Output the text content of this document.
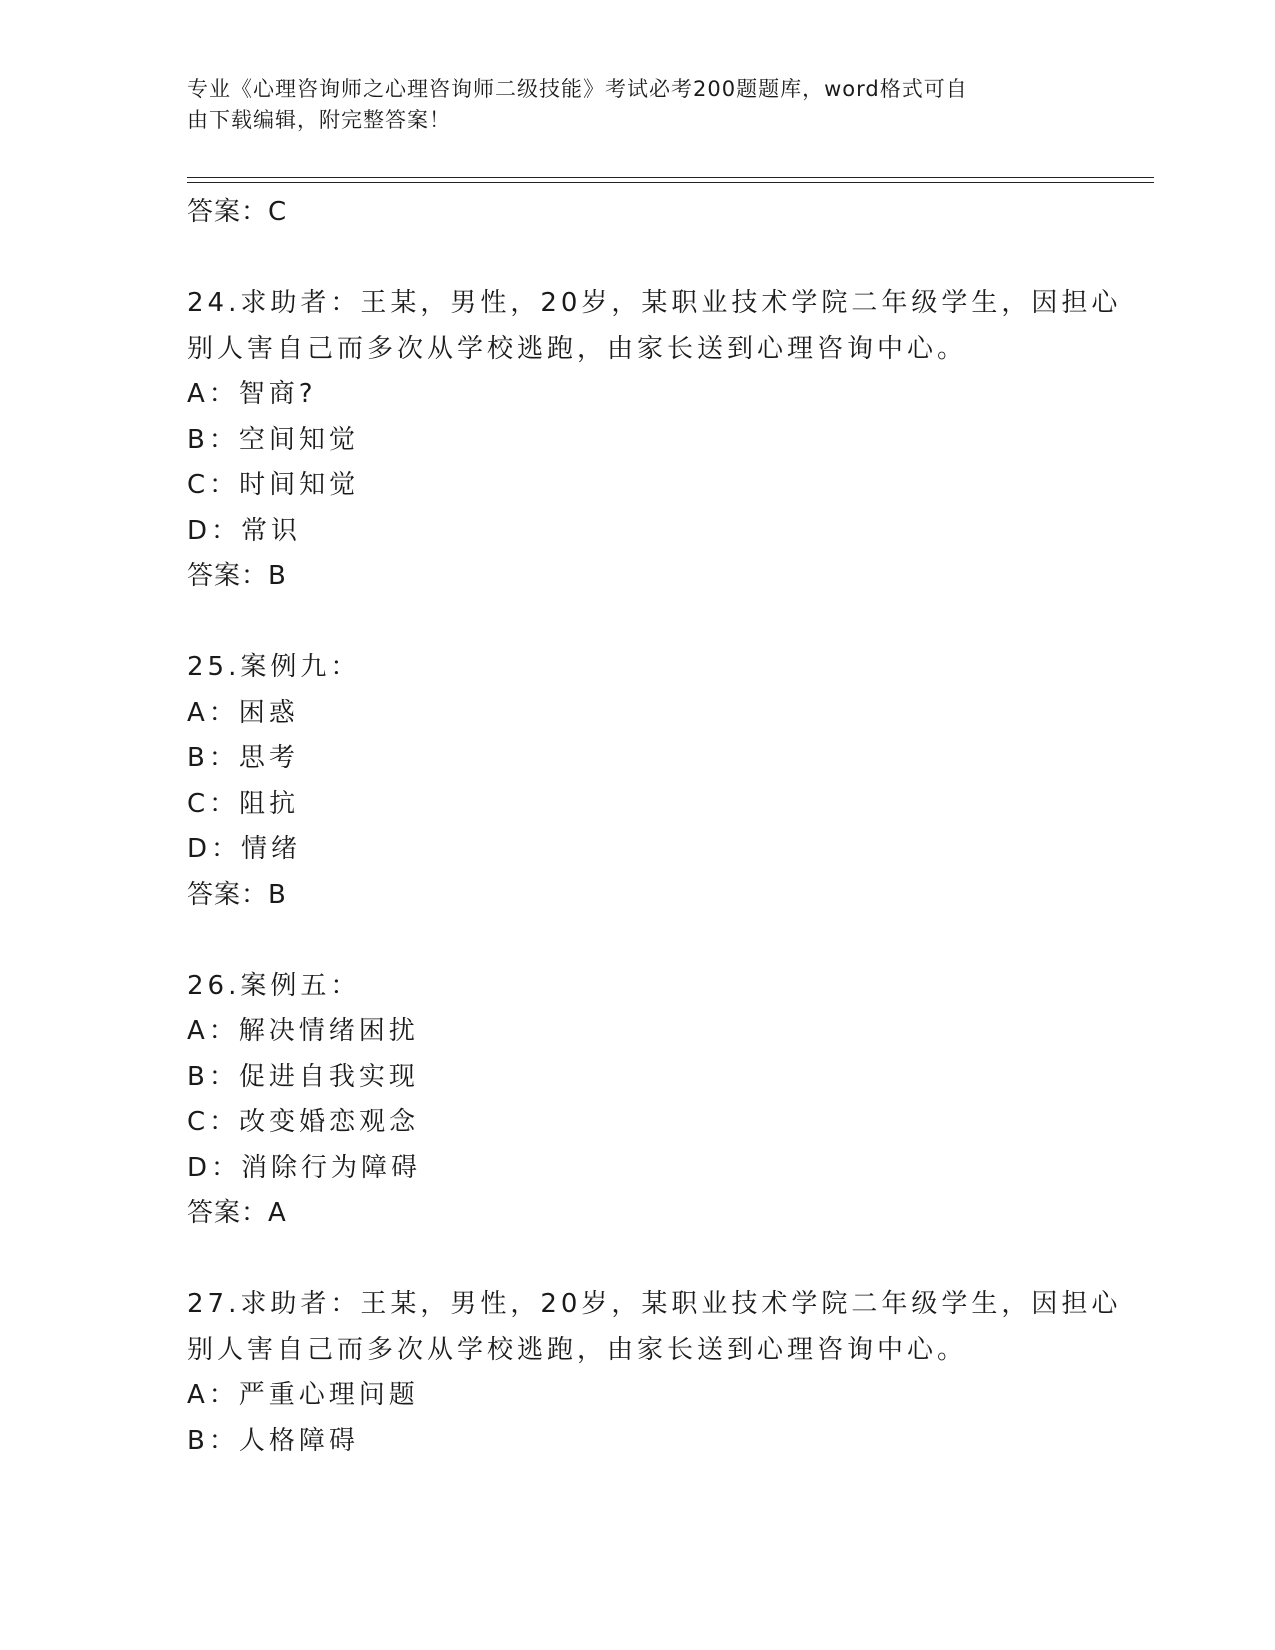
专业《心理咨询师之心理咨询师二级技能》考试必考200题题库，word格式可自
由下载编辑，附完整答案！
答案：C
24.求助者：王某，男性，20岁，某职业技术学院二年级学生，因担心
别人害自己而多次从学校逃跑，由家长送到心理咨询中心。
A：智商?
B：空间知觉
C：时间知觉
D：常识
答案：B
25.案例九：
A：困惑
B：思考
C：阻抗
D：情绪
答案：B
26.案例五：
A：解决情绪困扰
B：促进自我实现
C：改变婚恋观念
D：消除行为障碍
答案：A
27.求助者：王某，男性，20岁，某职业技术学院二年级学生，因担心
别人害自己而多次从学校逃跑，由家长送到心理咨询中心。
A：严重心理问题
B：人格障碍
